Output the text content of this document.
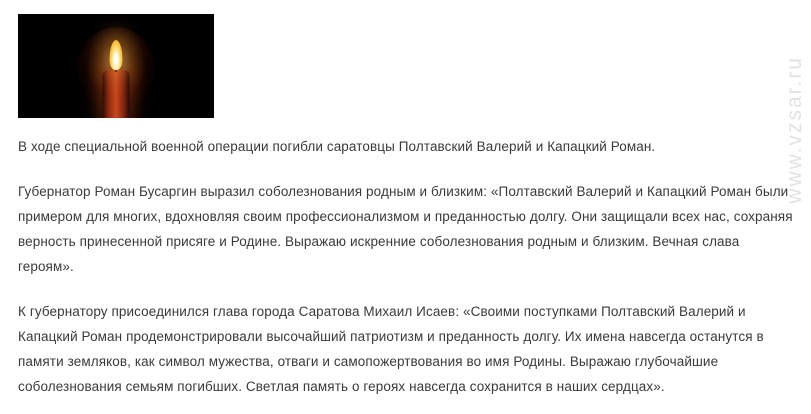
В ходе специальной военной операции погибли саратовцы Полтавский Валерий и Капацкий Роман.

Губернатор Роман Бусаргин выразил соболезнования родным и близким: «Полтавский Валерий и Капацкий Роман были примером для многих, вдохновляя своим профессионализмом и преданностью долгу. Они защищали всех нас, сохраняя верность принесенной присяге и Родине. Выражаю искренние соболезнования родным и близким. Вечная слава героям».

К губернатору присоединился глава города Саратова Михаил Исаев: «Своими поступками Полтавский Валерий и Капацкий Роман продемонстрировали высочайший патриотизм и преданность долгу. Их имена навсегда останутся в памяти земляков, как символ мужества, отваги и самопожертвования во имя Родины. Выражаю глубочайшие соболезнования семьям погибших. Светлая память о героях навсегда сохранится в наших сердцах».

www.vzsar.ru
